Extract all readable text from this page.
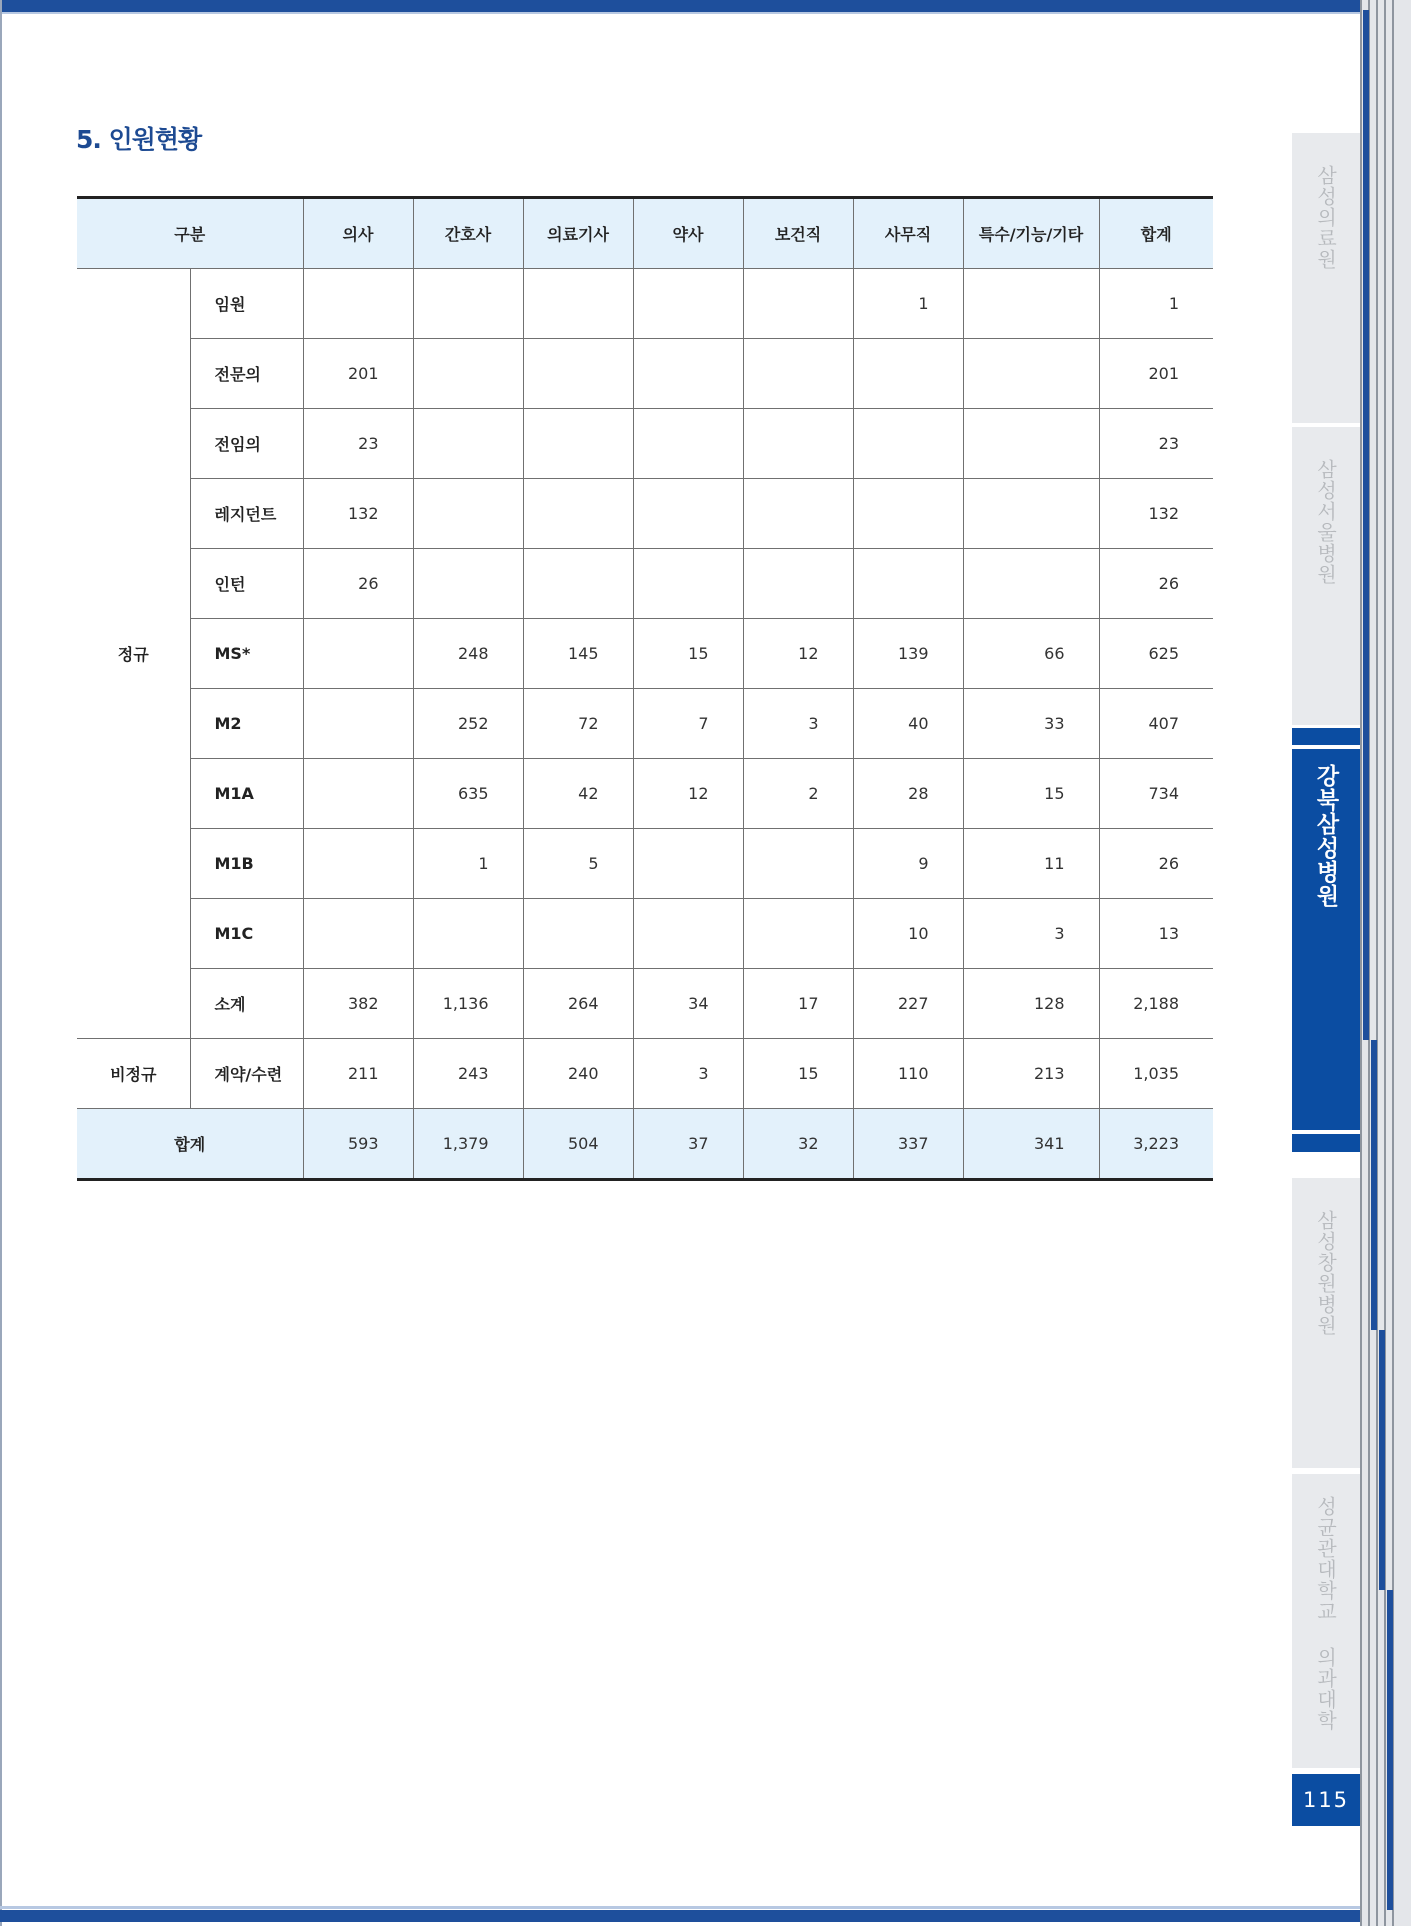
5. 인원현황
구분		의사	간호사	의료기사	약사	보건직	사무직	특수/기능/기타	합계
정규	임원						1		1
	전문의	201							201
	전임의	23							23
	레지던트	132							132
	인턴	26							26
	MS*		248	145	15	12	139	66	625
	M2		252	72	7	3	40	33	407
	M1A		635	42	12	2	28	15	734
	M1B		1	5			9	11	26
	M1C						10	3	13
	소계	382	1,136	264	34	17	227	128	2,188
비정규	계약/수련	211	243	240	3	15	110	213	1,035
합계		593	1,379	504	37	32	337	341	3,223
삼성의료원
삼성서울병원
강북삼성병원
삼성창원병원
성균관대학교 의과대학
115
